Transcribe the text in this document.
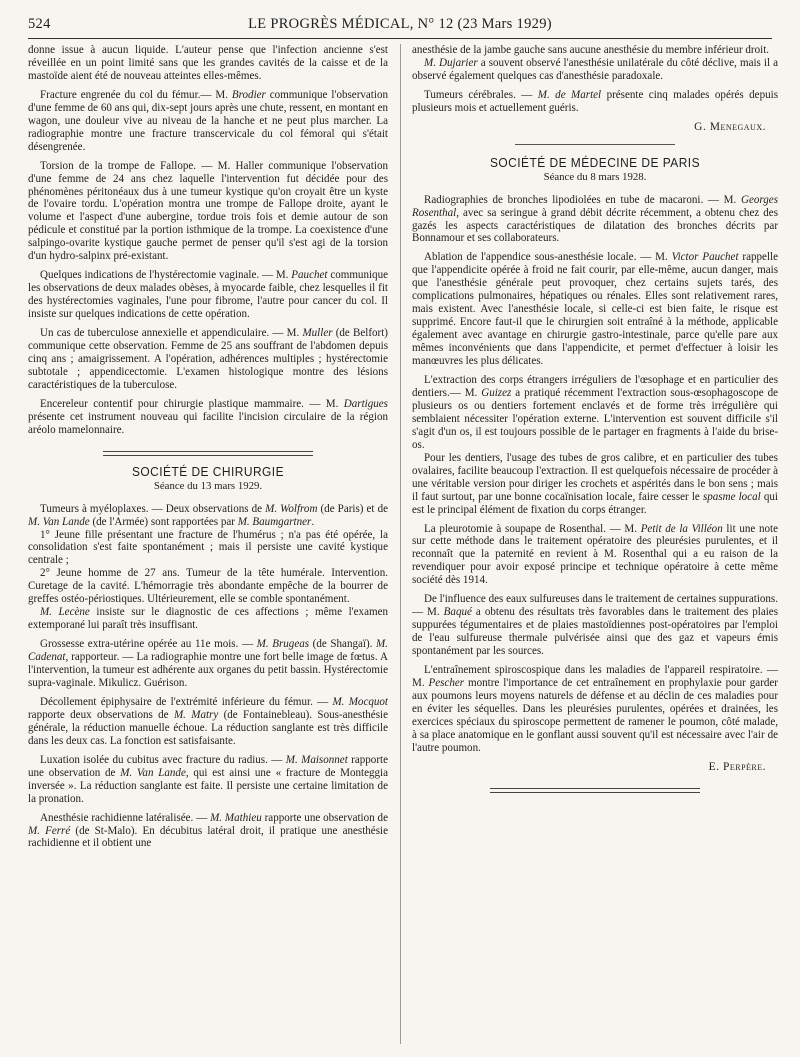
524	LE PROGRÈS MÉDICAL, N° 12 (23 Mars 1929)

donne issue à aucun liquide. L'auteur pense que l'infection ancienne s'est réveillée en un point limité sans que les grandes cavités de la caisse et de la mastoïde aient été de nouveau atteintes elles-mêmes.

Fracture engrenée du col du fémur.— M. Brodier communique l'observation d'une femme de 60 ans qui, dix-sept jours après une chute, ressent, en montant en wagon, une douleur vive au niveau de la hanche et ne peut plus marcher. La radiographie montre une fracture transcervicale du col fémoral qui s'était désengrenée.

Torsion de la trompe de Fallope. — M. Haller communique l'observation d'une femme de 24 ans chez laquelle l'intervention fut décidée pour des phénomènes péritonéaux dus à une tumeur kystique qu'on croyait être un kyste de l'ovaire tordu. L'opération montra une trompe de Fallope droite, ayant le volume et l'aspect d'une aubergine, tordue trois fois et demie autour de son pédicule et constitué par la portion isthmique de la trompe. La coexistence d'une salpingo-ovarite kystique gauche permet de penser qu'il s'est agi de la torsion d'un hydro-salpinx pré-existant.

Quelques indications de l'hystérectomie vaginale. — M. Pauchet communique les observations de deux malades obèses, à myocarde faible, chez lesquelles il fit des hystérectomies vaginales, l'une pour fibrome, l'autre pour cancer du col. Il insiste sur quelques indications de cette opération.

Un cas de tuberculose annexielle et appendiculaire. — M. Muller (de Belfort) communique cette observation. Femme de 25 ans souffrant de l'abdomen depuis cinq ans ; amaigrissement. A l'opération, adhérences multiples ; hystérectomie subtotale ; appendicectomie. L'examen histologique montre des lésions caractéristiques de la tuberculose.

Encereleur contentif pour chirurgie plastique mammaire. — M. Dartigues présente cet instrument nouveau qui facilite l'incision circulaire de la région aréolo mamelonnaire.

SOCIÉTÉ DE CHIRURGIE

Séance du 13 mars 1929.

Tumeurs à myéloplaxes. — Deux observations de M. Wolfrom (de Paris) et de M. Van Lande (de l'Armée) sont rapportées par M. Baumgartner.

1° Jeune fille présentant une fracture de l'humérus ; n'a pas été opérée, la consolidation s'est faite spontanément ; mais il persiste une cavité kystique centrale ;

2° Jeune homme de 27 ans. Tumeur de la tête humérale. Intervention. Curetage de la cavité. L'hémorragie très abondante empêche de la bourrer de greffes ostéo-périostiques. Ultérieurement, elle se comble spontanément.

M. Lecène insiste sur le diagnostic de ces affections ; même l'examen extemporané lui paraît très insuffisant.

Grossesse extra-utérine opérée au 11e mois. — M. Brugeas (de Shangaï). M. Cadenat, rapporteur. — La radiographie montre une fort belle image de fœtus. A l'intervention, la tumeur est adhérente aux organes du petit bassin. Hystérectomie supra-vaginale. Mikulicz. Guérison.

Décollement épiphysaire de l'extrémité inférieure du fémur. — M. Mocquot rapporte deux observations de M. Matry (de Fontainebleau). Sous-anesthésie générale, la réduction manuelle échoue. La réduction sanglante est très difficile dans les deux cas. La fonction est satisfaisante.

Luxation isolée du cubitus avec fracture du radius. — M. Maisonnet rapporte une observation de M. Van Lande, qui est ainsi une « fracture de Monteggia inversée ». La réduction sanglante est faite. Il persiste une certaine limitation de la pronation.

Anesthésie rachidienne latéralisée. — M. Mathieu rapporte une observation de M. Ferré (de St-Malo). En décubitus latéral droit, il pratique une anesthésie rachidienne et il obtient une

anesthésie de la jambe gauche sans aucune anesthésie du membre inférieur droit.

M. Dujarier a souvent observé l'anesthésie unilatérale du côté déclive, mais il a observé également quelques cas d'anesthésie paradoxale.

Tumeurs cérébrales. — M. de Martel présente cinq malades opérés depuis plusieurs mois et actuellement guéris.

G. Menegaux.

SOCIÉTÉ DE MÉDECINE DE PARIS

Séance du 8 mars 1928.

Radiographies de bronches lipodiolées en tube de macaroni. — M. Georges Rosenthal, avec sa seringue à grand débit décrite récemment, a obtenu chez des gazés les aspects caractéristiques de dilatation des bronches décrits par Bonnamour et ses collaborateurs.

Ablation de l'appendice sous-anesthésie locale. — M. Victor Pauchet rappelle que l'appendicite opérée à froid ne fait courir, par elle-même, aucun danger, mais que l'anesthésie générale peut provoquer, chez certains sujets tarés, des complications pulmonaires, hépatiques ou rénales. Elles sont relativement rares, mais existent. Avec l'anesthésie locale, si celle-ci est bien faite, le risque est supprimé. Encore faut-il que le chirurgien soit entraîné à la méthode, applicable également avec avantage en chirurgie gastro-intestinale, parce qu'elle pare aux mêmes inconvénients que dans l'appendicite, et permet d'effectuer à loisir les manœuvres les plus délicates.

L'extraction des corps étrangers irréguliers de l'œsophage et en particulier des dentiers.— M. Guizez a pratiqué récemment l'extraction sous-œsophagoscope de plusieurs os ou dentiers fortement enclavés et de forme très irrégulière qui semblaient nécessiter l'opération externe. L'intervention est souvent difficile s'il s'agit d'un os, il est toujours possible de le partager en fragments à l'aide du brise-os.

Pour les dentiers, l'usage des tubes de gros calibre, et en particulier des tubes ovalaires, facilite beaucoup l'extraction. Il est quelquefois nécessaire de procéder à une véritable version pour diriger les crochets et aspérités dans le bon sens ; mais il faut surtout, par une bonne cocaïnisation locale, faire cesser le spasme local qui est le principal élément de fixation du corps étranger.

La pleurotomie à soupape de Rosenthal. — M. Petit de la Villéon lit une note sur cette méthode dans le traitement opératoire des pleurésies purulentes, et il reconnaît que la paternité en revient à M. Rosenthal qui a eu raison de la revendiquer pour avoir exposé principe et technique opératoire à cette même société dès 1914.

De l'influence des eaux sulfureuses dans le traitement de certaines suppurations. — M. Baqué a obtenu des résultats très favorables dans le traitement des plaies suppurées tégumentaires et de plaies mastoïdiennes post-opératoires par l'emploi de l'eau sulfureuse thermale pulvérisée ainsi que des gaz et vapeurs émis spontanément par les sources.

L'entraînement spiroscospique dans les maladies de l'appareil respiratoire. — M. Pescher montre l'importance de cet entraînement en prophylaxie pour garder aux poumons leurs moyens naturels de défense et au déclin de ces maladies pour en éviter les séquelles. Dans les pleurésies purulentes, opérées et drainées, les exercices spéciaux du spiroscope permettent de ramener le poumon, côté malade, à sa place anatomique en le gonflant aussi souvent qu'il est nécessaire avec l'air de l'autre poumon.

E. Perpère.
